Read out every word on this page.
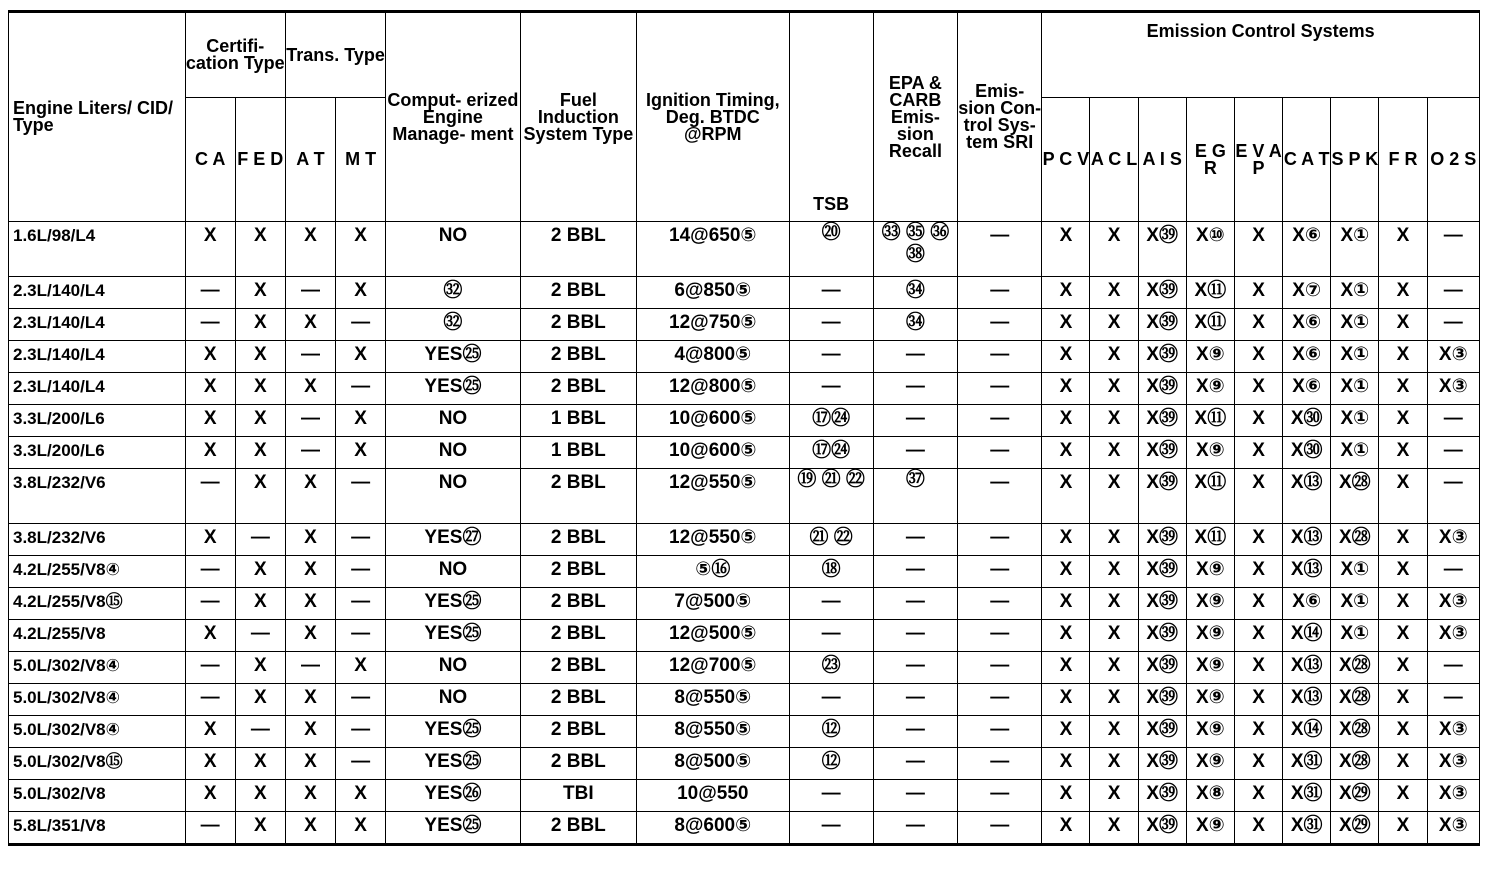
Engine Liters/ CID/ Type	Certifi- cation Type		Trans. Type		Comput- erized Engine Manage- ment	Fuel Induction System Type	Ignition Timing, Deg. BTDC @RPM	TSB	EPA & CARB Emis- sion Recall	Emis- sion Con- trol Sys- tem SRI	Emission Control Systems								
	C A	F E D	A T	M T							P C V	A C L	A I S	E G R	E V A P	C A T	S P K	F R	O 2 S
1.6L/98/L4	X	X	X	X	NO	2 BBL	14@650⑤	⑳	㉝ ㉟ ㊱㊳	—	X	X	X㊴	X⑩	X	X⑥	X①	X	—
2.3L/140/L4	—	X	—	X	㉜	2 BBL	6@850⑤	—	㉞	—	X	X	X㊴	X⑪	X	X⑦	X①	X	—
2.3L/140/L4	—	X	X	—	㉜	2 BBL	12@750⑤	—	㉞	—	X	X	X㊴	X⑪	X	X⑥	X①	X	—
2.3L/140/L4	X	X	—	X	YES㉕	2 BBL	4@800⑤	—	—	—	X	X	X㊴	X⑨	X	X⑥	X①	X	X③
2.3L/140/L4	X	X	X	—	YES㉕	2 BBL	12@800⑤	—	—	—	X	X	X㊴	X⑨	X	X⑥	X①	X	X③
3.3L/200/L6	X	X	—	X	NO	1 BBL	10@600⑤	⑰㉔	—	—	X	X	X㊴	X⑪	X	X㉚	X①	X	—
3.3L/200/L6	X	X	—	X	NO	1 BBL	10@600⑤	⑰㉔	—	—	X	X	X㊴	X⑨	X	X㉚	X①	X	—
3.8L/232/V6	—	X	X	—	NO	2 BBL	12@550⑤	⑲ ㉑ ㉒	㊲	—	X	X	X㊴	X⑪	X	X⑬	X㉘	X	—
3.8L/232/V6	X	—	X	—	YES㉗	2 BBL	12@550⑤	㉑ ㉒	—	—	X	X	X㊴	X⑪	X	X⑬	X㉘	X	X③
4.2L/255/V8④	—	X	X	—	NO	2 BBL	⑤⑯	⑱	—	—	X	X	X㊴	X⑨	X	X⑬	X①	X	—
4.2L/255/V8⑮	—	X	X	—	YES㉕	2 BBL	7@500⑤	—	—	—	X	X	X㊴	X⑨	X	X⑥	X①	X	X③
4.2L/255/V8	X	—	X	—	YES㉕	2 BBL	12@500⑤	—	—	—	X	X	X㊴	X⑨	X	X⑭	X①	X	X③
5.0L/302/V8④	—	X	—	X	NO	2 BBL	12@700⑤	㉓	—	—	X	X	X㊴	X⑨	X	X⑬	X㉘	X	—
5.0L/302/V8④	—	X	X	—	NO	2 BBL	8@550⑤	—	—	—	X	X	X㊴	X⑨	X	X⑬	X㉘	X	—
5.0L/302/V8④	X	—	X	—	YES㉕	2 BBL	8@550⑤	⑫	—	—	X	X	X㊴	X⑨	X	X⑭	X㉘	X	X③
5.0L/302/V8⑮	X	X	X	—	YES㉕	2 BBL	8@500⑤	⑫	—	—	X	X	X㊴	X⑨	X	X㉛	X㉘	X	X③
5.0L/302/V8	X	X	X	X	YES㉖	TBI	10@550	—	—	—	X	X	X㊴	X⑧	X	X㉛	X㉙	X	X③
5.8L/351/V8	—	X	X	X	YES㉕	2 BBL	8@600⑤	—	—	—	X	X	X㊴	X⑨	X	X㉛	X㉙	X	X③
